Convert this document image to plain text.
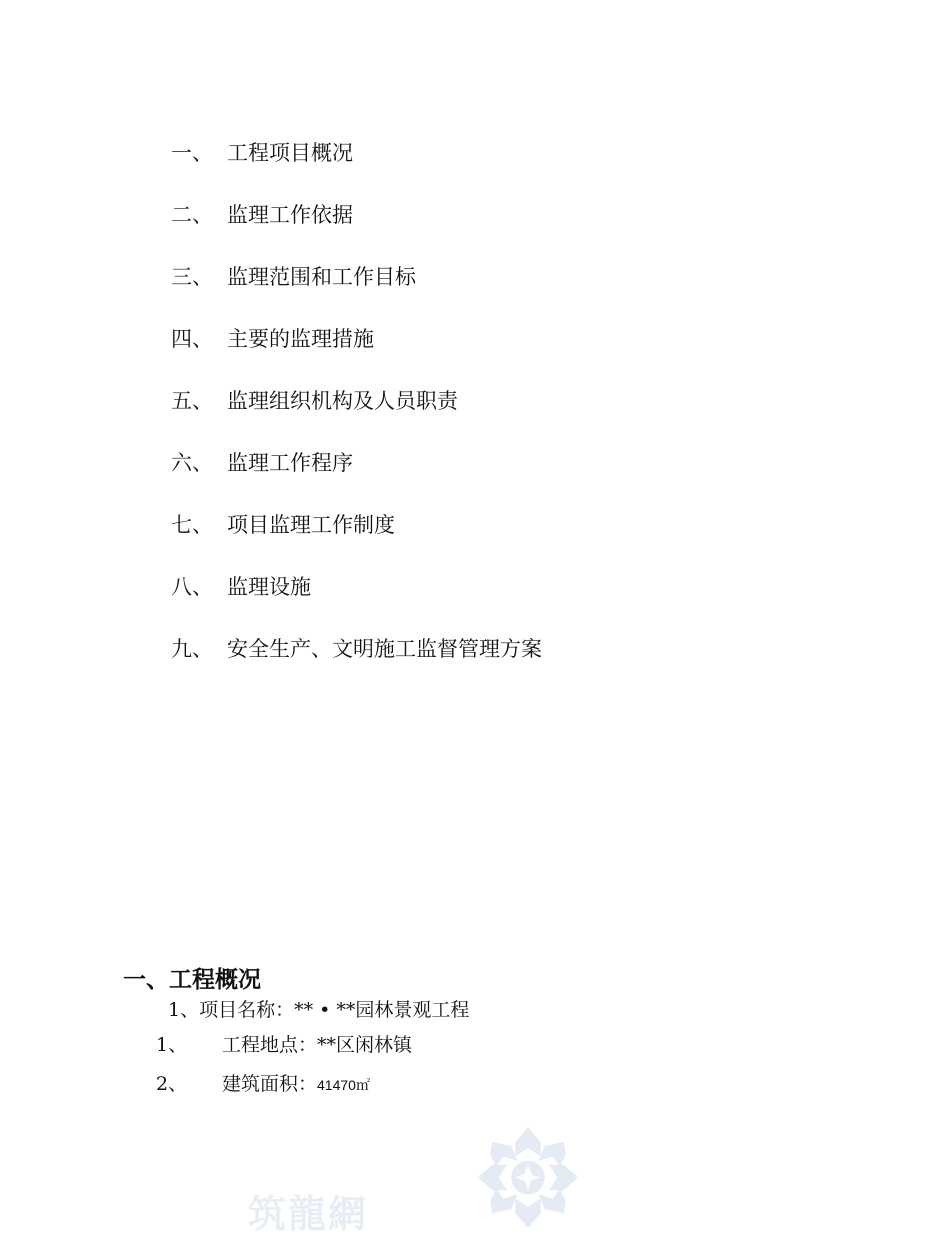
一、 工程项目概况
二、 监理工作依据
三、 监理范围和工作目标
四、 主要的监理措施
五、 监理组织机构及人员职责
六、 监理工作程序
七、 项目监理工作制度
八、 监理设施
九、 安全生产、文明施工监督管理方案
一、工程概况
1、项目名称：** • **园林景观工程
1、 工程地点：**区闲林镇
2、 建筑面积：41470㎡
筑龍網
